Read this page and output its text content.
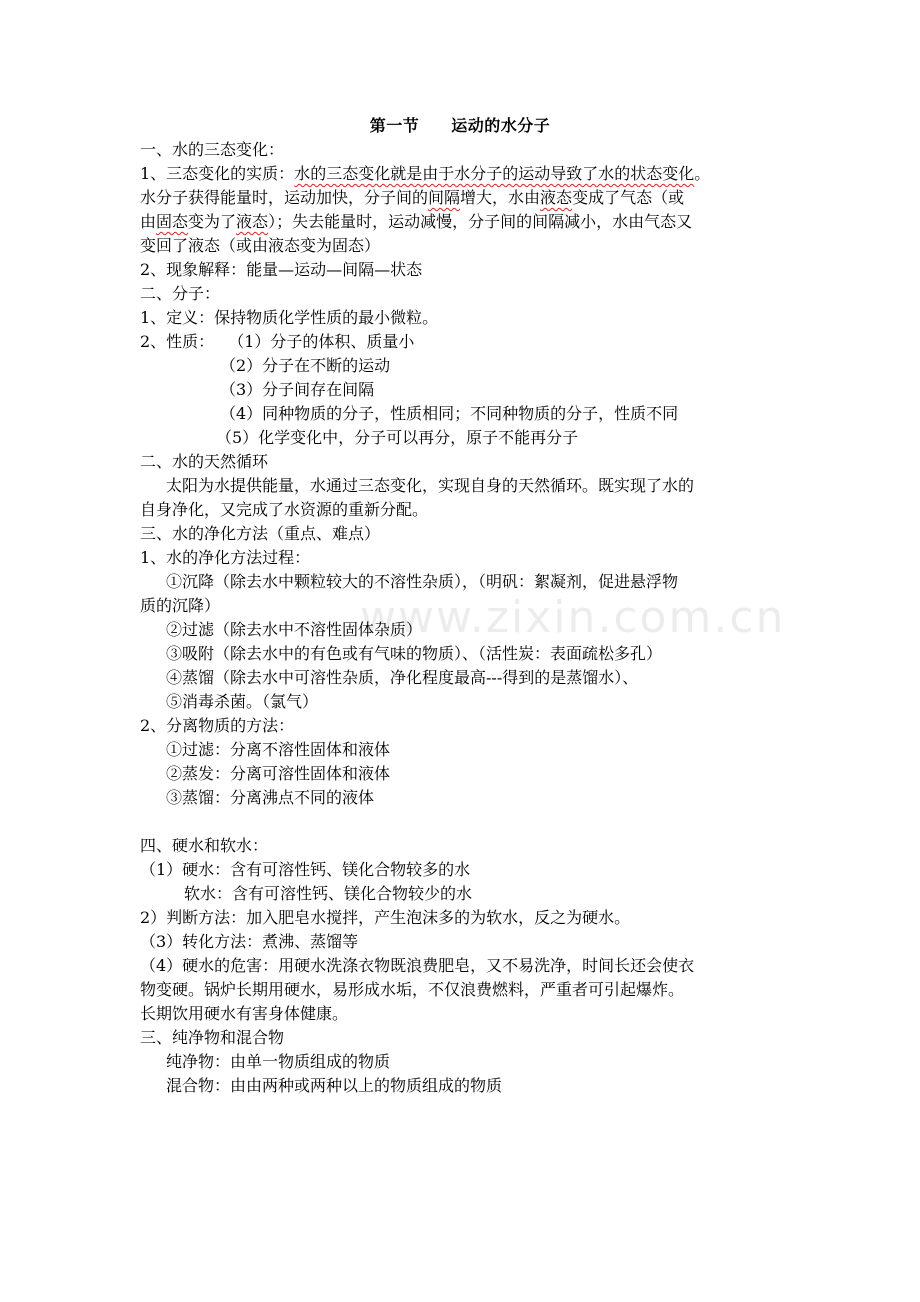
第一节 运动的水分子
一、水的三态变化：
1、三态变化的实质：水的三态变化就是由于水分子的运动导致了水的状态变化。
水分子获得能量时，运动加快，分子间的间隔增大，水由液态变成了气态（或
由固态变为了液态）；失去能量时，运动减慢，分子间的间隔减小，水由气态又
变回了液态（或由液态变为固态）
2、现象解释：能量—运动—间隔—状态
二、分子：
1、定义：保持物质化学性质的最小微粒。
2、性质： （1）分子的体积、质量小
（2）分子在不断的运动
（3）分子间存在间隔
（4）同种物质的分子，性质相同；不同种物质的分子，性质不同
（5）化学变化中，分子可以再分，原子不能再分子
二、水的天然循环
太阳为水提供能量，水通过三态变化，实现自身的天然循环。既实现了水的
自身净化，又完成了水资源的重新分配。
三、水的净化方法（重点、难点）
1、水的净化方法过程：
①沉降（除去水中颗粒较大的不溶性杂质），（明矾：絮凝剂，促进悬浮物
质的沉降）
②过滤（除去水中不溶性固体杂质）
③吸附（除去水中的有色或有气味的物质）、（活性炭：表面疏松多孔）
④蒸馏（除去水中可溶性杂质，净化程度最高---得到的是蒸馏水）、
⑤消毒杀菌。（氯气）
2、分离物质的方法：
①过滤：分离不溶性固体和液体
②蒸发：分离可溶性固体和液体
③蒸馏：分离沸点不同的液体
四、硬水和软水：
（1）硬水：含有可溶性钙、镁化合物较多的水
软水：含有可溶性钙、镁化合物较少的水
2）判断方法：加入肥皂水搅拌，产生泡沫多的为软水，反之为硬水。
（3）转化方法：煮沸、蒸馏等
（4）硬水的危害：用硬水洗涤衣物既浪费肥皂，又不易洗净，时间长还会使衣
物变硬。锅炉长期用硬水，易形成水垢，不仅浪费燃料，严重者可引起爆炸。
长期饮用硬水有害身体健康。
三、纯净物和混合物
纯净物：由单一物质组成的物质
混合物：由由两种或两种以上的物质组成的物质
www.zixin.com.cn
